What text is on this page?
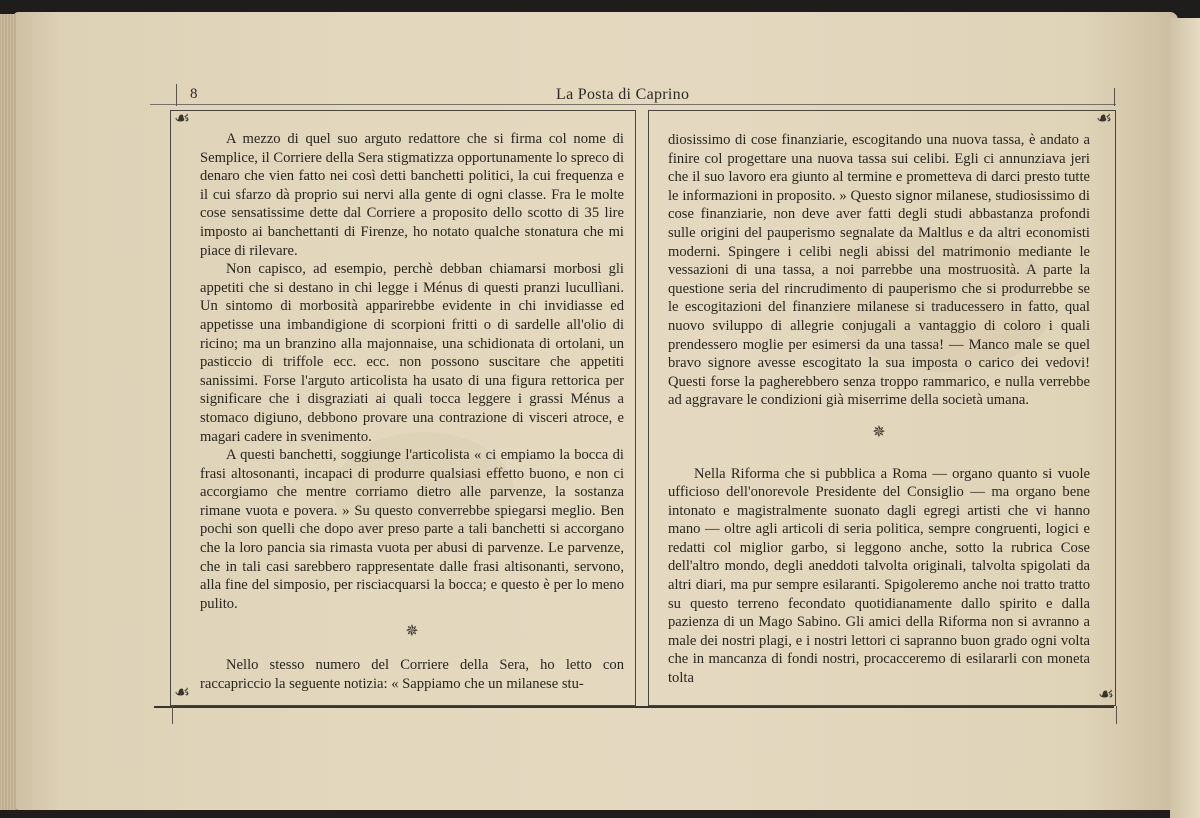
8	La Posta di Caprino
☙	☙
☙	☙

A mezzo di quel suo arguto redattore che si firma col nome di Semplice, il Corriere della Sera stigmatizza opportunamente lo spreco di denaro che vien fatto nei così detti banchetti politici, la cui frequenza e il cui sfarzo dà proprio sui nervi alla gente di ogni classe. Fra le molte cose sensatissime dette dal Corriere a proposito dello scotto di 35 lire imposto ai banchettanti di Firenze, ho notato qualche stonatura che mi piace di rilevare.

Non capisco, ad esempio, perchè debban chiamarsi morbosi gli appetiti che si destano in chi legge i Ménus di questi pranzi lucullìani. Un sintomo di morbosità apparirebbe evidente in chi invidiasse ed appetisse una imbandigione di scorpioni fritti o di sardelle all'olio di ricino; ma un branzino alla majonnaise, una schidionata di ortolani, un pasticcio di triffole ecc. ecc. non possono suscitare che appetiti sanissimi. Forse l'arguto articolista ha usato di una figura rettorica per significare che i disgraziati ai quali tocca leggere i grassi Ménus a stomaco digiuno, debbono provare una contrazione di visceri atroce, e magari cadere in svenimento.

A questi banchetti, soggiunge l'articolista « ci empiamo la bocca di frasi altosonanti, incapaci di produrre qualsiasi effetto buono, e non ci accorgiamo che mentre corriamo dietro alle parvenze, la sostanza rimane vuota e povera. » Su questo converrebbe spiegarsi meglio. Ben pochi son quelli che dopo aver preso parte a tali banchetti si accorgano che la loro pancia sia rimasta vuota per abusi di parvenze. Le parvenze, che in tali casi sarebbero rappresentate dalle frasi altisonanti, servono, alla fine del simposio, per risciacquarsi la bocca; e questo è per lo meno pulito.

✵

Nello stesso numero del Corriere della Sera, ho letto con raccapriccio la seguente notizia: « Sappiamo che un milanese stu-

diosissimo di cose finanziarie, escogitando una nuova tassa, è andato a finire col progettare una nuova tassa sui celibi. Egli ci annunziava jeri che il suo lavoro era giunto al termine e prometteva di darci presto tutte le informazioni in proposito. » Questo signor milanese, studiosissimo di cose finanziarie, non deve aver fatti degli studi abbastanza profondi sulle origini del pauperismo segnalate da Maltlus e da altri economisti moderni. Spingere i celibi negli abissi del matrimonio mediante le vessazioni di una tassa, a noi parrebbe una mostruosità. A parte la questione seria del rincrudimento di pauperismo che si produrrebbe se le escogitazioni del finanziere milanese si traducessero in fatto, qual nuovo sviluppo di allegrie conjugali a vantaggio di coloro i quali prendessero moglie per esimersi da una tassa! — Manco male se quel bravo signore avesse escogitato la sua imposta o carico dei vedovi! Questi forse la pagherebbero senza troppo rammarico, e nulla verrebbe ad aggravare le condizioni già miserrime della società umana.

✵

Nella Riforma che si pubblica a Roma — organo quanto si vuole ufficioso dell'onorevole Presidente del Consiglio — ma organo bene intonato e magistralmente suonato dagli egregi artisti che vi hanno mano — oltre agli articoli di seria politica, sempre congruenti, logici e redatti col miglior garbo, si leggono anche, sotto la rubrica Cose dell'altro mondo, degli aneddoti talvolta originali, talvolta spigolati da altri diari, ma pur sempre esilaranti. Spigoleremo anche noi tratto tratto su questo terreno fecondato quotidianamente dallo spirito e dalla pazienza di un Mago Sabino. Gli amici della Riforma non si avranno a male dei nostri plagi, e i nostri lettori ci sapranno buon grado ogni volta che in mancanza di fondi nostri, procacceremo di esilararli con moneta tolta
